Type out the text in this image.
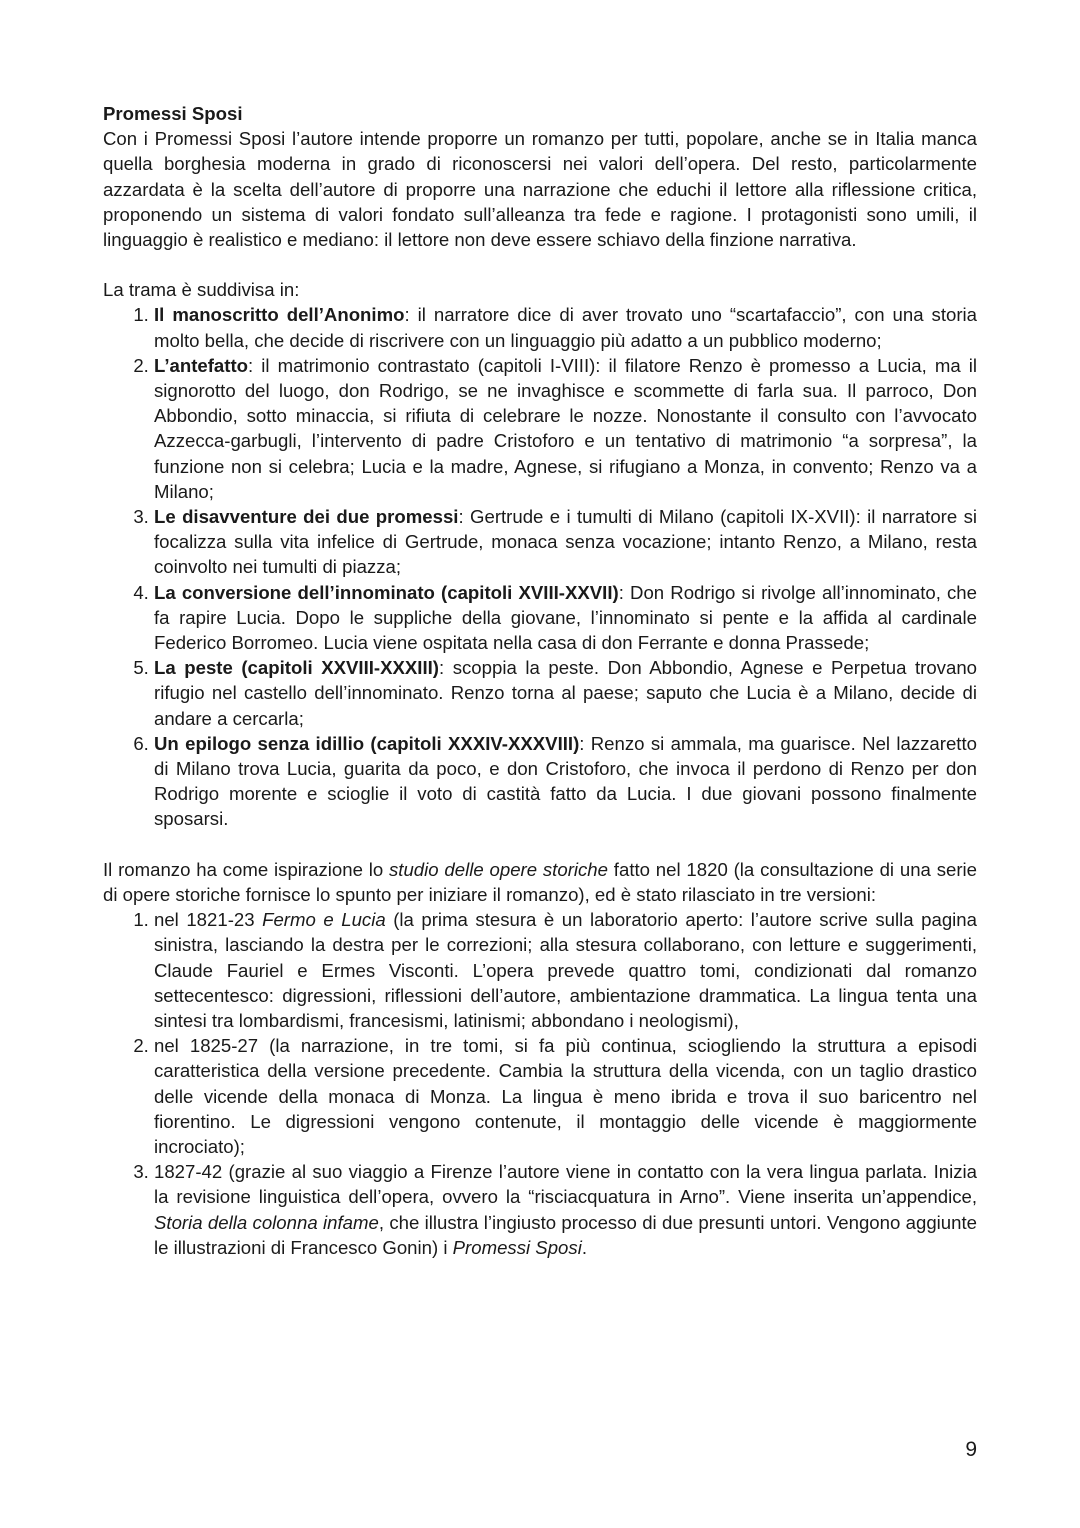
Promessi Sposi

Con i Promessi Sposi l’autore intende proporre un romanzo per tutti, popolare, anche se in Italia manca quella borghesia moderna in grado di riconoscersi nei valori dell’opera. Del resto, particolarmente azzardata è la scelta dell’autore di proporre una narrazione che educhi il lettore alla riflessione critica, proponendo un sistema di valori fondato sull’alleanza tra fede e ragione. I protagonisti sono umili, il linguaggio è realistico e mediano: il lettore non deve essere schiavo della finzione narrativa.

La trama è suddivisa in:

1. Il manoscritto dell’Anonimo: il narratore dice di aver trovato uno “scartafaccio”, con una storia molto bella, che decide di riscrivere con un linguaggio più adatto a un pubblico moderno;
2. L’antefatto: il matrimonio contrastato (capitoli I-VIII): il filatore Renzo è promesso a Lucia, ma il signorotto del luogo, don Rodrigo, se ne invaghisce e scommette di farla sua. Il parroco, Don Abbondio, sotto minaccia, si rifiuta di celebrare le nozze. Nonostante il consulto con l’avvocato Azzecca-garbugli, l’intervento di padre Cristoforo e un tentativo di matrimonio “a sorpresa”, la funzione non si celebra; Lucia e la madre, Agnese, si rifugiano a Monza, in convento; Renzo va a Milano;
3. Le disavventure dei due promessi: Gertrude e i tumulti di Milano (capitoli IX-XVII): il narratore si focalizza sulla vita infelice di Gertrude, monaca senza vocazione; intanto Renzo, a Milano, resta coinvolto nei tumulti di piazza;
4. La conversione dell’innominato (capitoli XVIII-XXVII): Don Rodrigo si rivolge all’innominato, che fa rapire Lucia. Dopo le suppliche della giovane, l’innominato si pente e la affida al cardinale Federico Borromeo. Lucia viene ospitata nella casa di don Ferrante e donna Prassede;
5. La peste (capitoli XXVIII-XXXIII): scoppia la peste. Don Abbondio, Agnese e Perpetua trovano rifugio nel castello dell’innominato. Renzo torna al paese; saputo che Lucia è a Milano, decide di andare a cercarla;
6. Un epilogo senza idillio (capitoli XXXIV-XXXVIII): Renzo si ammala, ma guarisce. Nel lazzaretto di Milano trova Lucia, guarita da poco, e don Cristoforo, che invoca il perdono di Renzo per don Rodrigo morente e scioglie il voto di castità fatto da Lucia. I due giovani possono finalmente sposarsi.

Il romanzo ha come ispirazione lo studio delle opere storiche fatto nel 1820 (la consultazione di una serie di opere storiche fornisce lo spunto per iniziare il romanzo), ed è stato rilasciato in tre versioni:

1. nel 1821-23 Fermo e Lucia (la prima stesura è un laboratorio aperto: l’autore scrive sulla pagina sinistra, lasciando la destra per le correzioni; alla stesura collaborano, con letture e suggerimenti, Claude Fauriel e Ermes Visconti. L’opera prevede quattro tomi, condizionati dal romanzo settecentesco: digressioni, riflessioni dell’autore, ambientazione drammatica. La lingua tenta una sintesi tra lombardismi, francesismi, latinismi; abbondano i neologismi),
2. nel 1825-27 (la narrazione, in tre tomi, si fa più continua, sciogliendo la struttura a episodi caratteristica della versione precedente. Cambia la struttura della vicenda, con un taglio drastico delle vicende della monaca di Monza. La lingua è meno ibrida e trova il suo baricentro nel fiorentino. Le digressioni vengono contenute, il montaggio delle vicende è maggiormente incrociato);
3. 1827-42 (grazie al suo viaggio a Firenze l’autore viene in contatto con la vera lingua parlata. Inizia la revisione linguistica dell’opera, ovvero la “risciacquatura in Arno”. Viene inserita un’appendice, Storia della colonna infame, che illustra l’ingiusto processo di due presunti untori. Vengono aggiunte le illustrazioni di Francesco Gonin) i Promessi Sposi.
9
